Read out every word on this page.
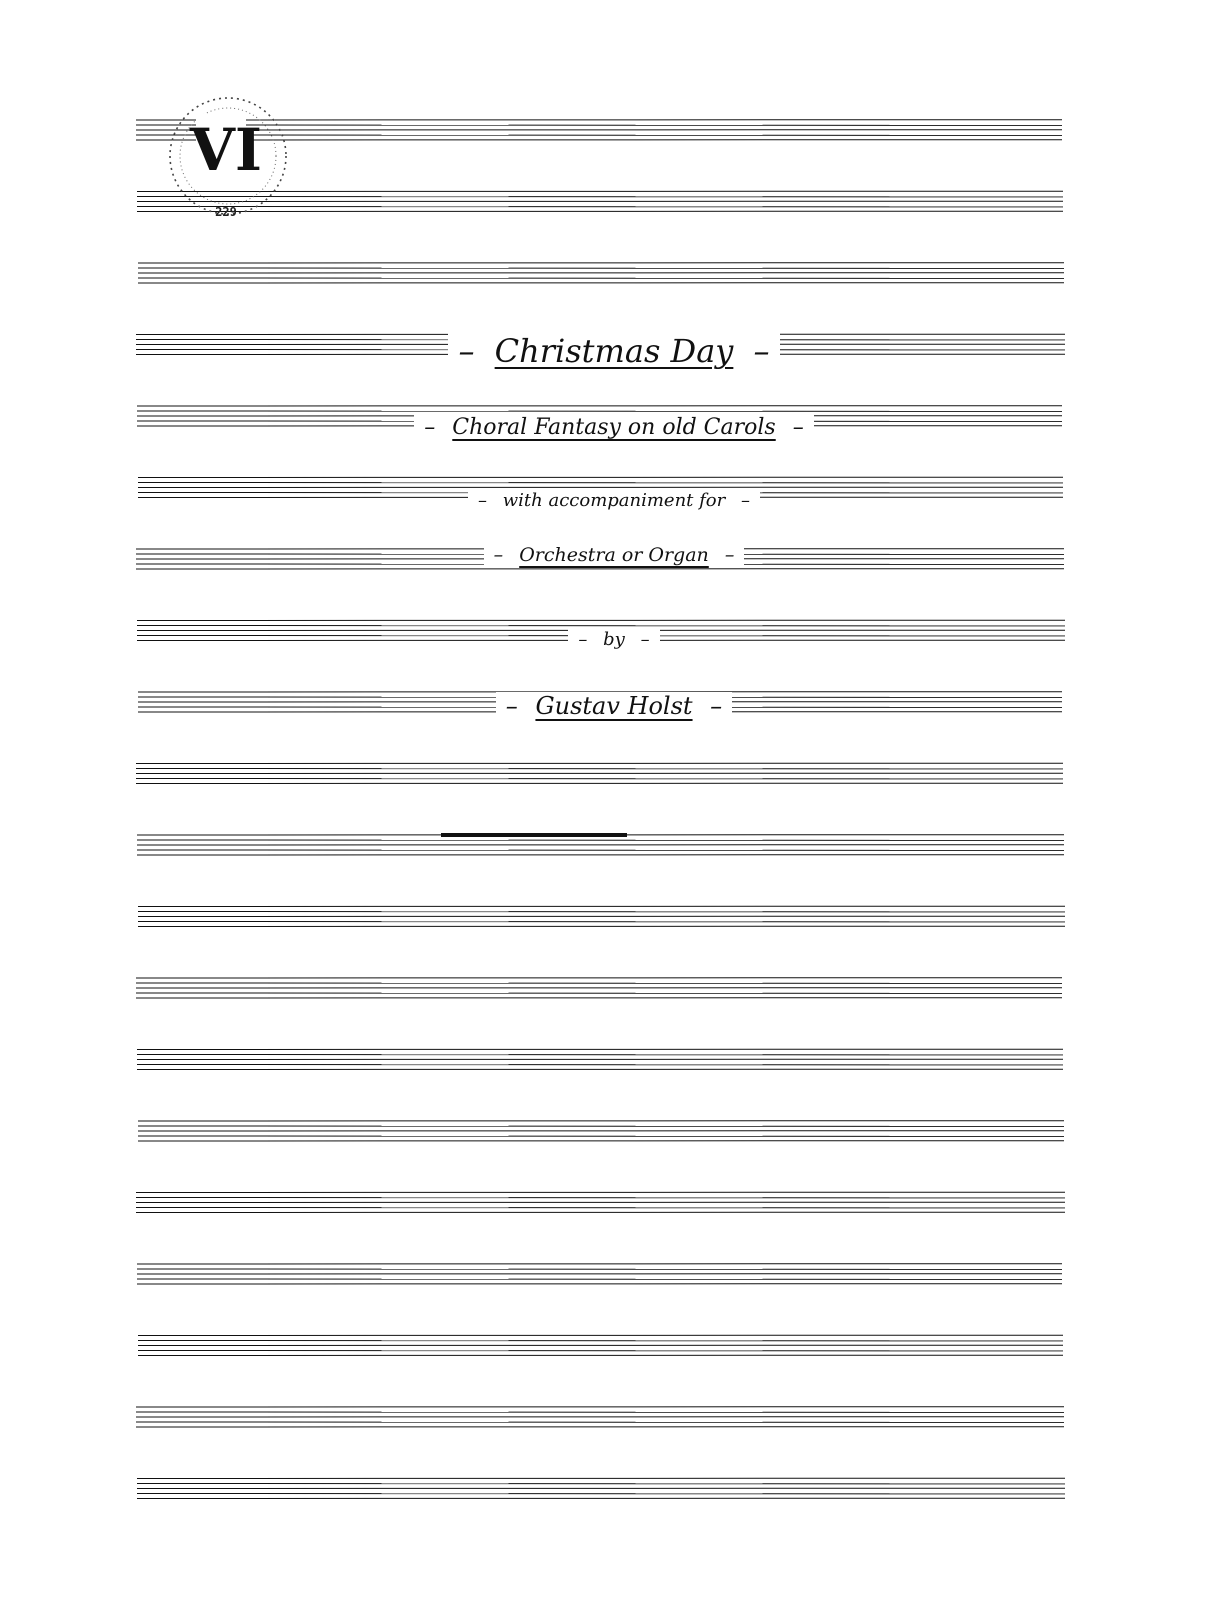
VI
229
– Christmas Day –
– Choral Fantasy on old Carols –
– with accompaniment for –
– Orchestra or Organ –
– by –
– Gustav Holst –
